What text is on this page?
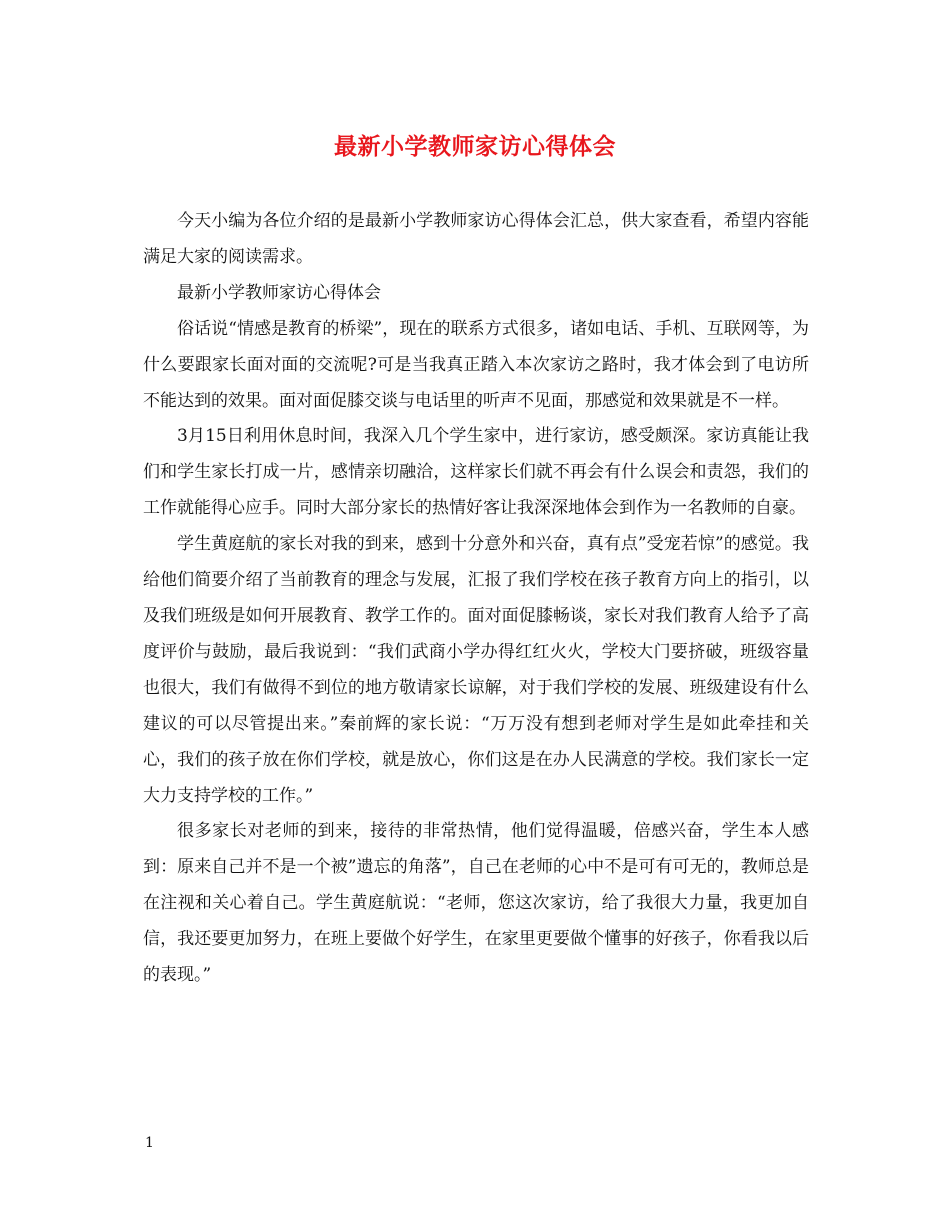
最新小学教师家访心得体会

今天小编为各位介绍的是最新小学教师家访心得体会汇总，供大家查看，希望内容能满足大家的阅读需求。

最新小学教师家访心得体会

俗话说“情感是教育的桥梁”，现在的联系方式很多，诸如电话、手机、互联网等，为什么要跟家长面对面的交流呢?可是当我真正踏入本次家访之路时，我才体会到了电访所不能达到的效果。面对面促膝交谈与电话里的听声不见面，那感觉和效果就是不一样。

3月15日利用休息时间，我深入几个学生家中，进行家访，感受颇深。家访真能让我们和学生家长打成一片，感情亲切融洽，这样家长们就不再会有什么误会和责怨，我们的工作就能得心应手。同时大部分家长的热情好客让我深深地体会到作为一名教师的自豪。

学生黄庭航的家长对我的到来，感到十分意外和兴奋，真有点”受宠若惊”的感觉。我给他们简要介绍了当前教育的理念与发展，汇报了我们学校在孩子教育方向上的指引，以及我们班级是如何开展教育、教学工作的。面对面促膝畅谈，家长对我们教育人给予了高度评价与鼓励，最后我说到：“我们武商小学办得红红火火，学校大门要挤破，班级容量也很大，我们有做得不到位的地方敬请家长谅解，对于我们学校的发展、班级建设有什么建议的可以尽管提出来。”秦前辉的家长说：“万万没有想到老师对学生是如此牵挂和关心，我们的孩子放在你们学校，就是放心，你们这是在办人民满意的学校。我们家长一定大力支持学校的工作。”

很多家长对老师的到来，接待的非常热情，他们觉得温暖，倍感兴奋，学生本人感到：原来自己并不是一个被”遗忘的角落”，自己在老师的心中不是可有可无的，教师总是在注视和关心着自己。学生黄庭航说：“老师，您这次家访，给了我很大力量，我更加自信，我还要更加努力，在班上要做个好学生，在家里更要做个懂事的好孩子，你看我以后的表现。”

1
